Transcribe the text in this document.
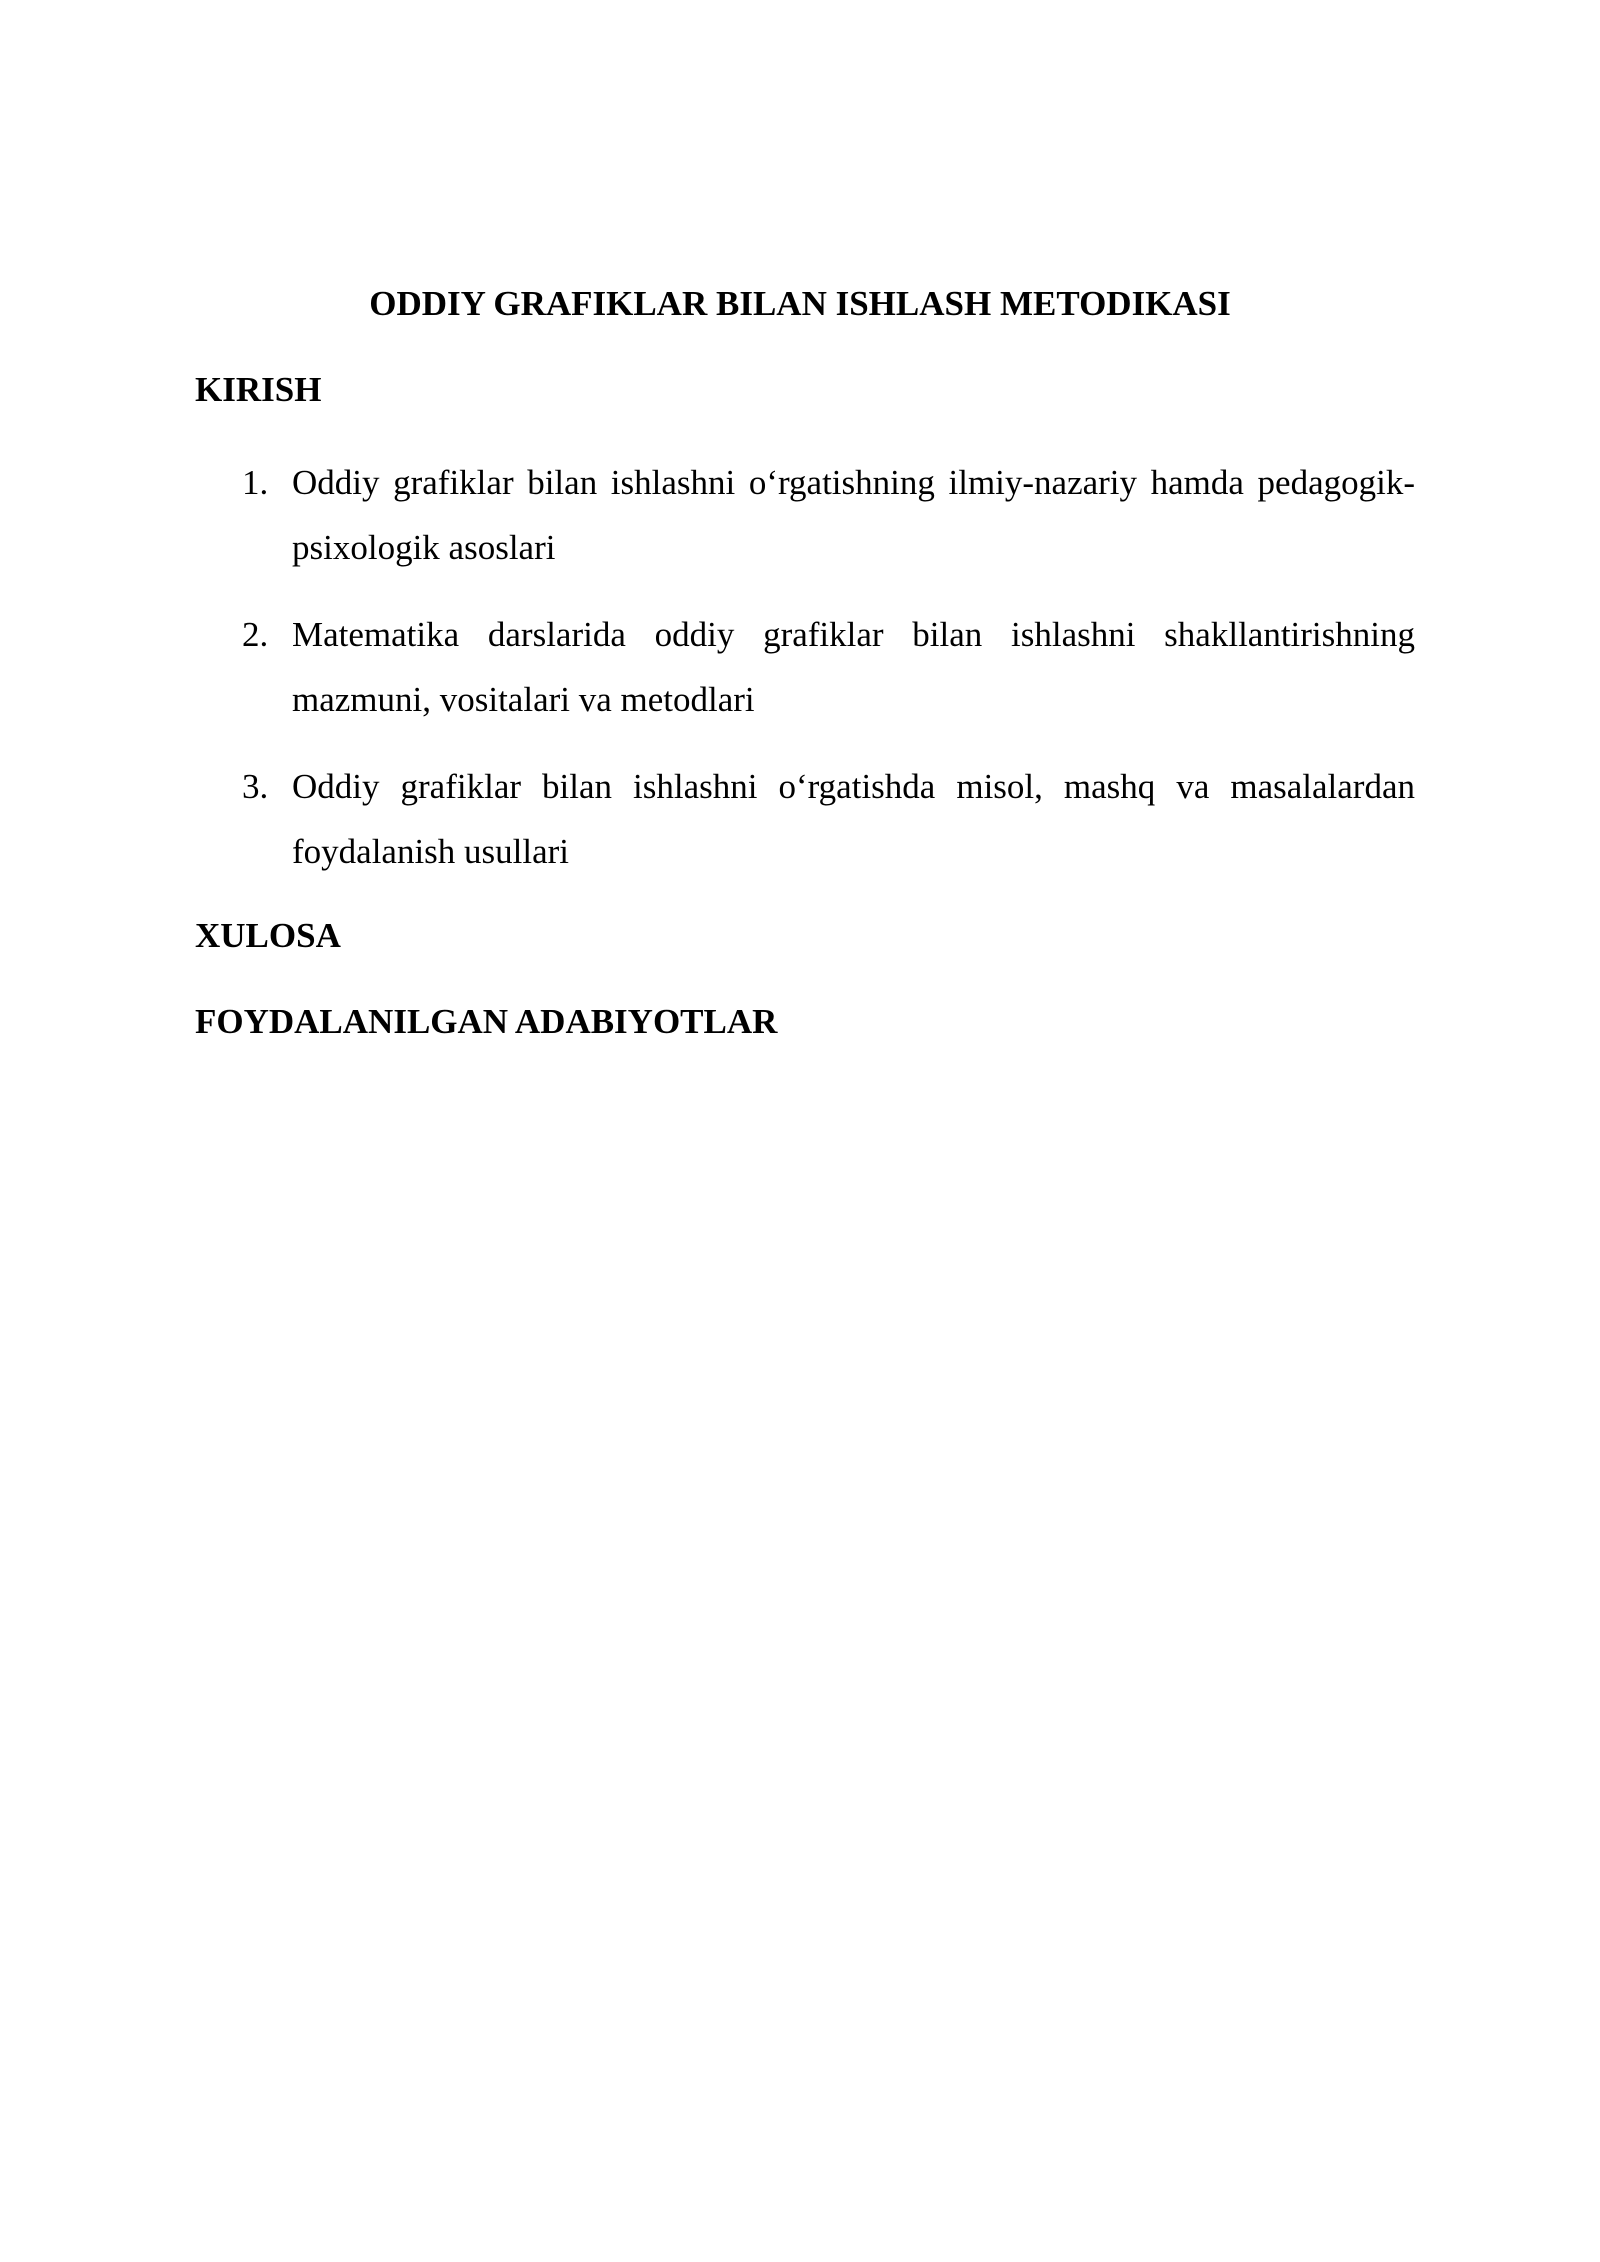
ODDIY GRAFIKLAR BILAN ISHLASH METODIKASI
KIRISH
1. Oddiy grafiklar bilan ishlashni o‘rgatishning ilmiy-nazariy hamda pedagogik-psixologik asoslari
2. Matematika darslarida oddiy grafiklar bilan ishlashni shakllantirishning mazmuni, vositalari va metodlari
3. Oddiy grafiklar bilan ishlashni o‘rgatishda misol, mashq va masalalardan foydalanish usullari
XULOSA
FOYDALANILGAN ADABIYOTLAR
